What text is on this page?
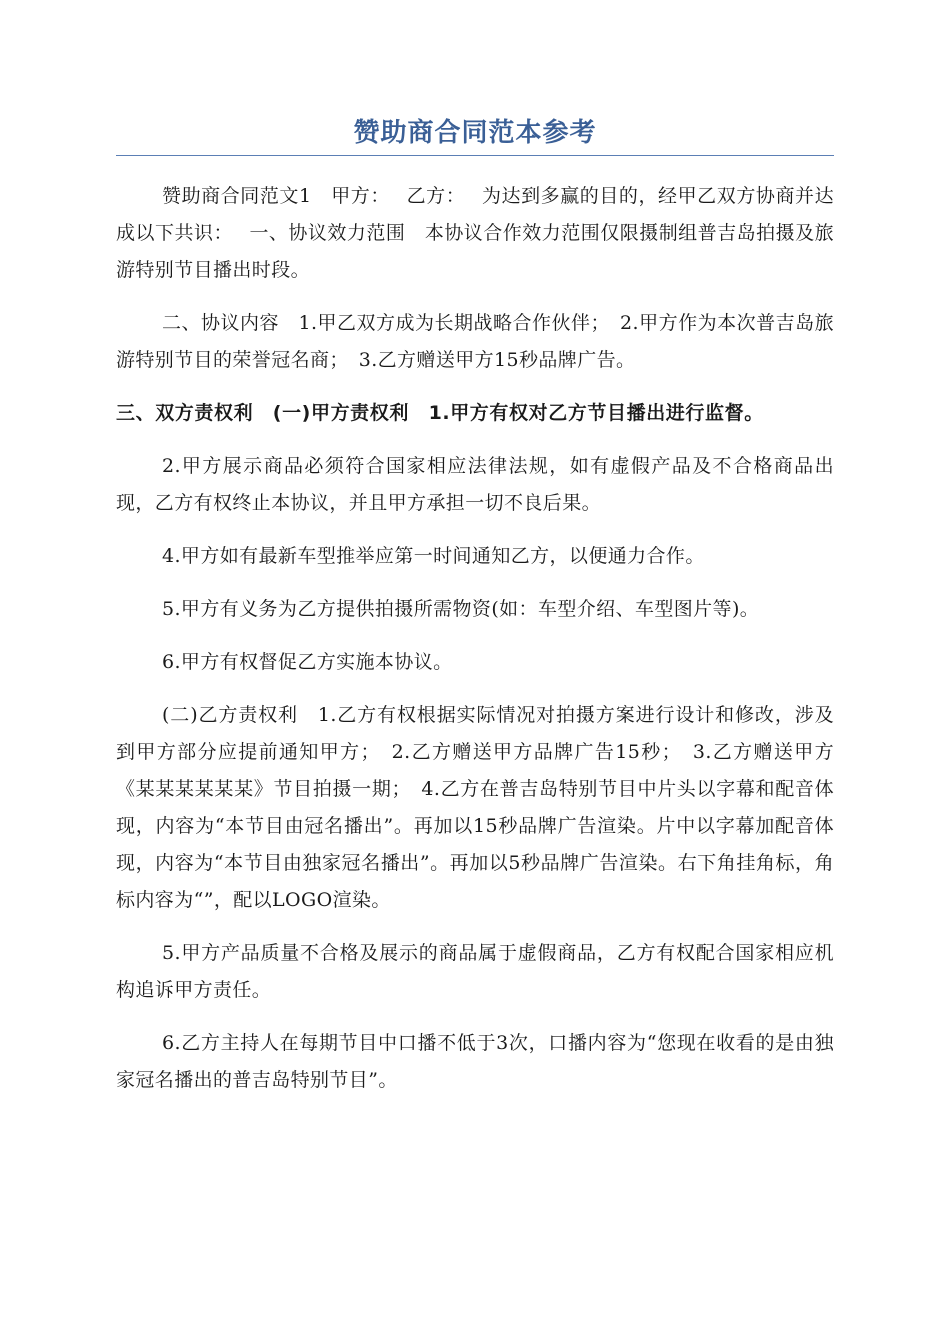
赞助商合同范本参考

赞助商合同范文1　甲方：　 乙方：　 为达到多赢的目的，经甲乙双方协商并达成以下共识：　 一、协议效力范围　本协议合作效力范围仅限摄制组普吉岛拍摄及旅游特别节目播出时段。

二、协议内容　1.甲乙双方成为长期战略合作伙伴；　2.甲方作为本次普吉岛旅游特别节目的荣誉冠名商；　3.乙方赠送甲方15秒品牌广告。

三、双方责权利　(一)甲方责权利　1.甲方有权对乙方节目播出进行监督。

2.甲方展示商品必须符合国家相应法律法规，如有虚假产品及不合格商品出现，乙方有权终止本协议，并且甲方承担一切不良后果。

4.甲方如有最新车型推举应第一时间通知乙方，以便通力合作。

5.甲方有义务为乙方提供拍摄所需物资(如：车型介绍、车型图片等)。

6.甲方有权督促乙方实施本协议。

(二)乙方责权利　1.乙方有权根据实际情况对拍摄方案进行设计和修改，涉及到甲方部分应提前通知甲方；　2.乙方赠送甲方品牌广告15秒；　3.乙方赠送甲方《某某某某某某》节目拍摄一期；　4.乙方在普吉岛特别节目中片头以字幕和配音体现，内容为“本节目由冠名播出”。再加以15秒品牌广告渲染。片中以字幕加配音体现，内容为“本节目由独家冠名播出”。再加以5秒品牌广告渲染。右下角挂角标，角标内容为“”，配以LOGO渲染。

5.甲方产品质量不合格及展示的商品属于虚假商品，乙方有权配合国家相应机构追诉甲方责任。

6.乙方主持人在每期节目中口播不低于3次，口播内容为“您现在收看的是由独家冠名播出的普吉岛特别节目”。
